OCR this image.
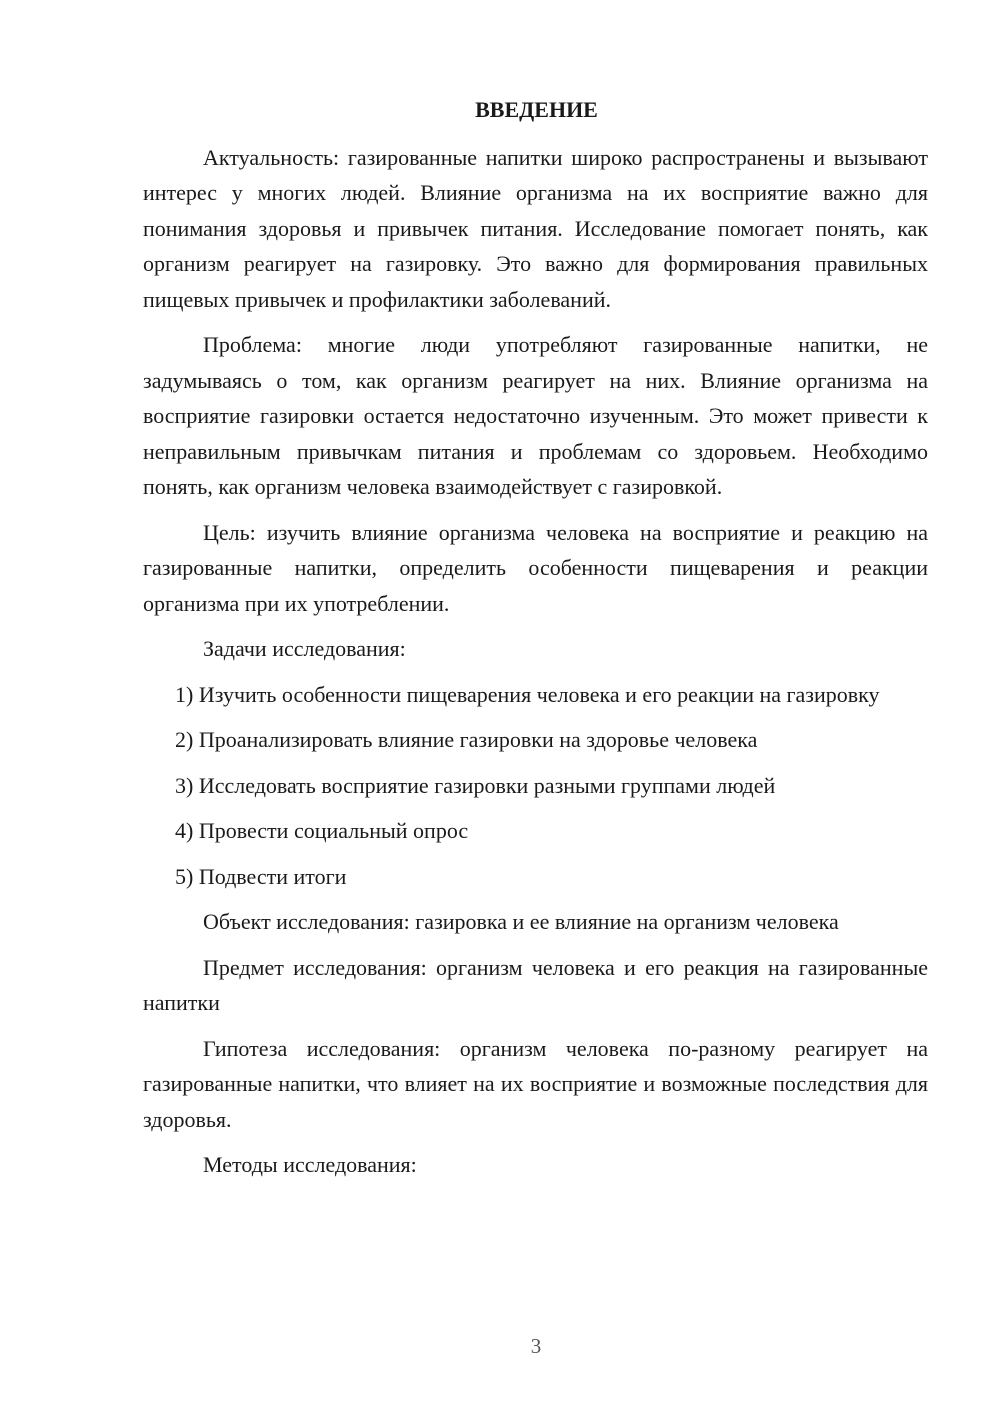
ВВЕДЕНИЕ

Актуальность: газированные напитки широко распространены и вызывают интерес у многих людей. Влияние организма на их восприятие важно для понимания здоровья и привычек питания. Исследование помогает понять, как организм реагирует на газировку. Это важно для формирования правильных пищевых привычек и профилактики заболеваний.

Проблема: многие люди употребляют газированные напитки, не задумываясь о том, как организм реагирует на них. Влияние организма на восприятие газировки остается недостаточно изученным. Это может привести к неправильным привычкам питания и проблемам со здоровьем. Необходимо понять, как организм человека взаимодействует с газировкой.

Цель: изучить влияние организма человека на восприятие и реакцию на газированные напитки, определить особенности пищеварения и реакции организма при их употреблении.

Задачи исследования:

1) Изучить особенности пищеварения человека и его реакции на газировку

2) Проанализировать влияние газировки на здоровье человека

3) Исследовать восприятие газировки разными группами людей

4) Провести социальный опрос

5) Подвести итоги

Объект исследования: газировка и ее влияние на организм человека

Предмет исследования: организм человека и его реакция на газированные напитки

Гипотеза исследования: организм человека по-разному реагирует на газированные напитки, что влияет на их восприятие и возможные последствия для здоровья.

Методы исследования:

3
